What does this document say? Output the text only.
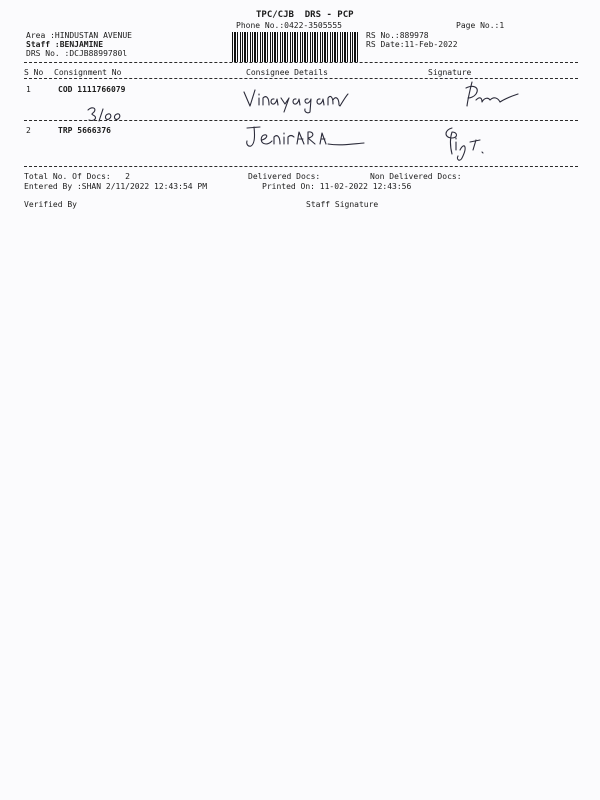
TPC/CJB  DRS - PCP
Phone No.:0422-3505555	Page No.:1
Area :HINDUSTAN AVENUE
Staff :BENJAMINE
DRS No. :DCJB8899780l
RS No.:889978
RS Date:11-Feb-2022
S No Consignment No	Consignee Details	Signature
1	COD 1111766079
2	TRP 5666376
Total No. Of Docs:   2	Delivered Docs:	Non Delivered Docs:
Entered By :SHAN 2/11/2022 12:43:54 PM	Printed On: 11-02-2022 12:43:56
Verified By	Staff Signature
